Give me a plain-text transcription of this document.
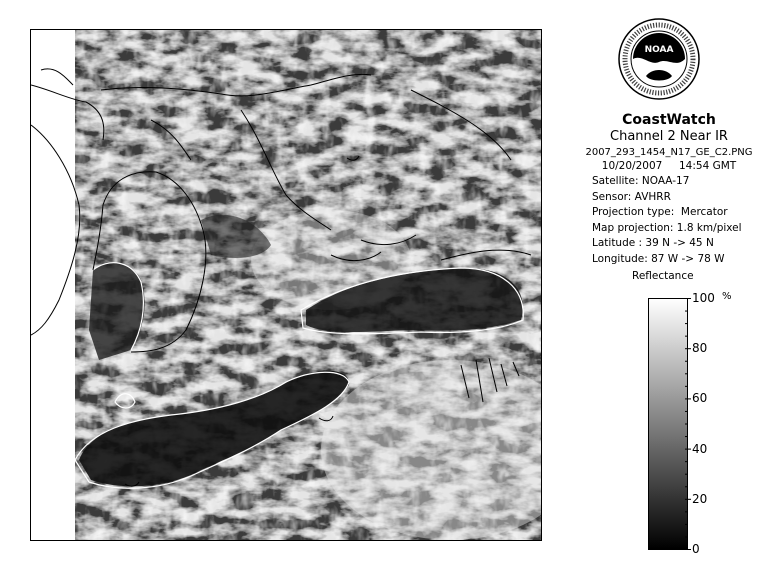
NOAA
CoastWatch
Channel 2 Near IR
2007_293_1454_N17_GE_C2.PNG
10/20/2007     14:54 GMT
Satellite: NOAA-17
Sensor: AVHRR
Projection type:  Mercator
Map projection: 1.8 km/pixel
Latitude : 39 N -> 45 N
Longitude: 87 W -> 78 W
Reflectance
%
100
80
60
40
20
0
